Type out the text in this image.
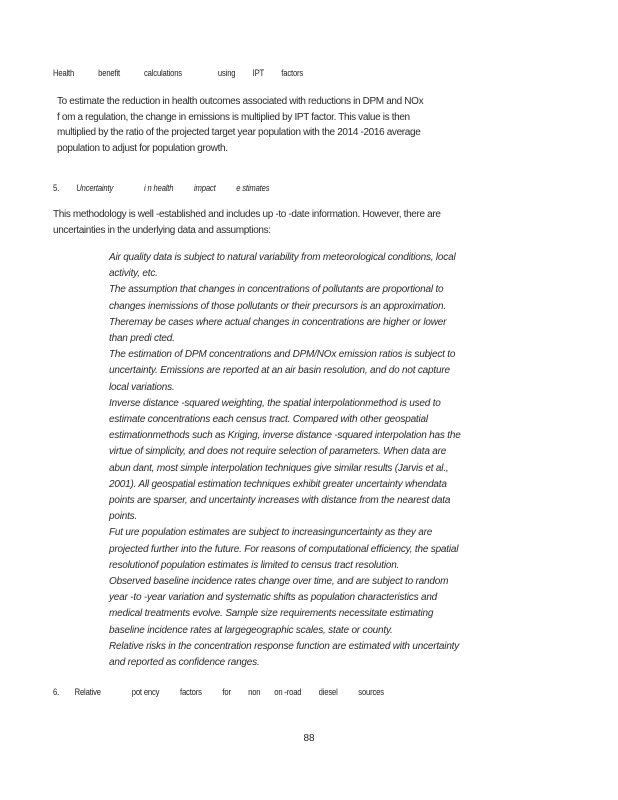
Health	benefit	calculations	using IPT factors
To estimate the reduction in health outcomes associated with reductions in DPM and NOx
f om a regulation, the change in emissions is multiplied by IPT factor. This value is then
multiplied by the ratio of the projected target year population with the 2014 -2016 average
population to adjust for population growth.
5. Uncertainty	i n health impact e stimates
This methodology is well -established and includes up -to -date information. However, there are
uncertainties in the underlying data and assumptions:
Air quality data is subject to natural variability from meteorological conditions, local
activity, etc.
The assumption that changes in concentrations of pollutants are proportional to
changes inemissions of those pollutants or their precursors is an approximation.
Theremay be cases where actual changes in concentrations are higher or lower
than predi cted.
The estimation of DPM concentrations and DPM/NOx emission ratios is subject to
uncertainty. Emissions are reported at an air basin resolution, and do not capture
local variations.
Inverse distance -squared weighting, the spatial interpolationmethod is used to
estimate concentrations each census tract. Compared with other geospatial
estimationmethods such as Kriging, inverse distance -squared interpolation has the
virtue of simplicity, and does not require selection of parameters. When data are
abun dant, most simple interpolation techniques give similar results (Jarvis et al.,
2001). All geospatial estimation techniques exhibit greater uncertainty whendata
points are sparser, and uncertainty increases with distance from the nearest data
points.
Fut ure population estimates are subject to increasinguncertainty as they are
projected further into the future. For reasons of computational efficiency, the spatial
resolutionof population estimates is limited to census tract resolution.
Observed baseline incidence rates change over time, and are subject to random
year -to -year variation and systematic shifts as population characteristics and
medical treatments evolve. Sample size requirements necessitate estimating
baseline incidence rates at largegeographic scales, state or county.
Relative risks in the concentration response function are estimated with uncertainty
and reported as confidence ranges.
6. Relative	pot ency factors for non on -road diesel sources
88
